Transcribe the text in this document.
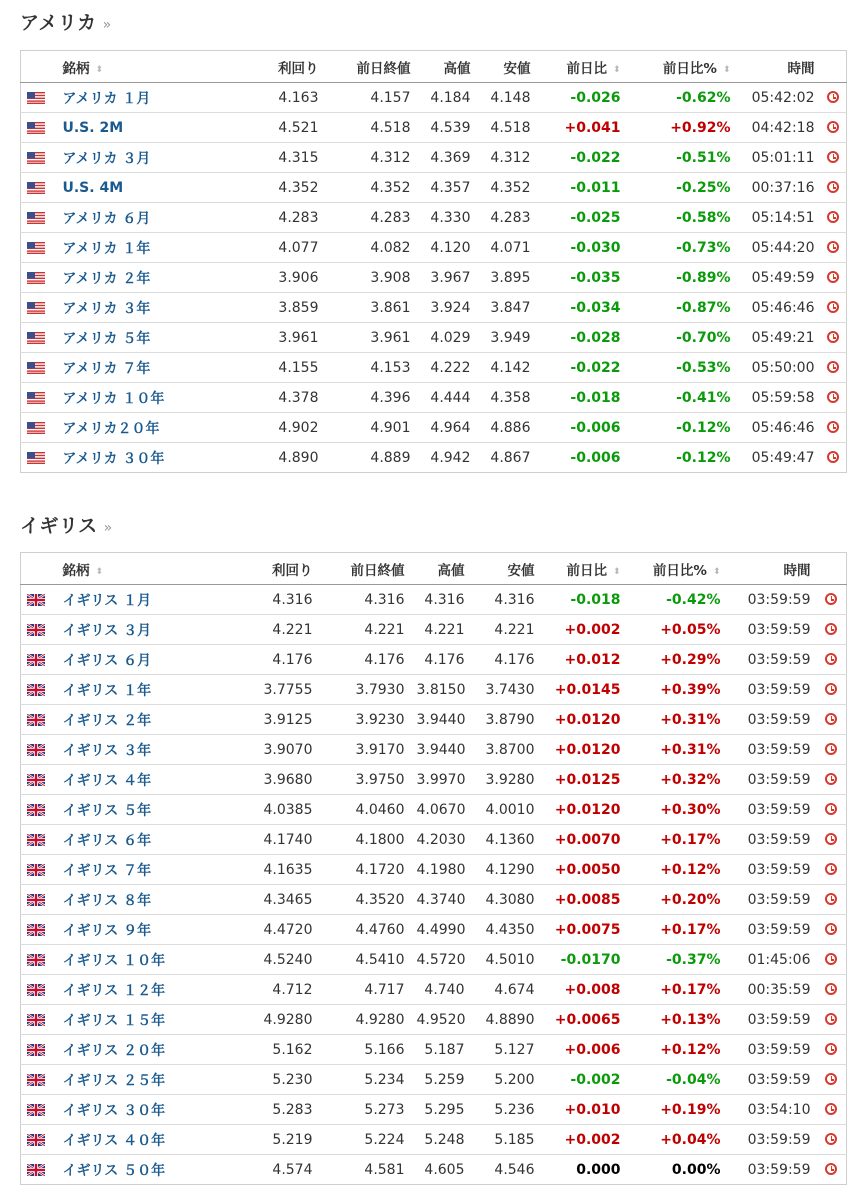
アメリカ »
	銘柄 ⬍	利回り	前日終値	高値	安値	前日比 ⬍	前日比% ⬍	時間	
	アメリカ １月	4.163	4.157	4.184	4.148	-0.026	-0.62%	05:42:02	
	U.S. 2M	4.521	4.518	4.539	4.518	+0.041	+0.92%	04:42:18	
	アメリカ ３月	4.315	4.312	4.369	4.312	-0.022	-0.51%	05:01:11	
	U.S. 4M	4.352	4.352	4.357	4.352	-0.011	-0.25%	00:37:16	
	アメリカ ６月	4.283	4.283	4.330	4.283	-0.025	-0.58%	05:14:51	
	アメリカ １年	4.077	4.082	4.120	4.071	-0.030	-0.73%	05:44:20	
	アメリカ ２年	3.906	3.908	3.967	3.895	-0.035	-0.89%	05:49:59	
	アメリカ ３年	3.859	3.861	3.924	3.847	-0.034	-0.87%	05:46:46	
	アメリカ ５年	3.961	3.961	4.029	3.949	-0.028	-0.70%	05:49:21	
	アメリカ ７年	4.155	4.153	4.222	4.142	-0.022	-0.53%	05:50:00	
	アメリカ １０年	4.378	4.396	4.444	4.358	-0.018	-0.41%	05:59:58	
	アメリカ２０年	4.902	4.901	4.964	4.886	-0.006	-0.12%	05:46:46	
	アメリカ ３０年	4.890	4.889	4.942	4.867	-0.006	-0.12%	05:49:47	
イギリス »
	銘柄 ⬍	利回り	前日終値	高値	安値	前日比 ⬍	前日比% ⬍	時間	
	イギリス １月	4.316	4.316	4.316	4.316	-0.018	-0.42%	03:59:59	
	イギリス ３月	4.221	4.221	4.221	4.221	+0.002	+0.05%	03:59:59	
	イギリス ６月	4.176	4.176	4.176	4.176	+0.012	+0.29%	03:59:59	
	イギリス １年	3.7755	3.7930	3.8150	3.7430	+0.0145	+0.39%	03:59:59	
	イギリス ２年	3.9125	3.9230	3.9440	3.8790	+0.0120	+0.31%	03:59:59	
	イギリス ３年	3.9070	3.9170	3.9440	3.8700	+0.0120	+0.31%	03:59:59	
	イギリス ４年	3.9680	3.9750	3.9970	3.9280	+0.0125	+0.32%	03:59:59	
	イギリス ５年	4.0385	4.0460	4.0670	4.0010	+0.0120	+0.30%	03:59:59	
	イギリス ６年	4.1740	4.1800	4.2030	4.1360	+0.0070	+0.17%	03:59:59	
	イギリス ７年	4.1635	4.1720	4.1980	4.1290	+0.0050	+0.12%	03:59:59	
	イギリス ８年	4.3465	4.3520	4.3740	4.3080	+0.0085	+0.20%	03:59:59	
	イギリス ９年	4.4720	4.4760	4.4990	4.4350	+0.0075	+0.17%	03:59:59	
	イギリス １０年	4.5240	4.5410	4.5720	4.5010	-0.0170	-0.37%	01:45:06	
	イギリス １２年	4.712	4.717	4.740	4.674	+0.008	+0.17%	00:35:59	
	イギリス １５年	4.9280	4.9280	4.9520	4.8890	+0.0065	+0.13%	03:59:59	
	イギリス ２０年	5.162	5.166	5.187	5.127	+0.006	+0.12%	03:59:59	
	イギリス ２５年	5.230	5.234	5.259	5.200	-0.002	-0.04%	03:59:59	
	イギリス ３０年	5.283	5.273	5.295	5.236	+0.010	+0.19%	03:54:10	
	イギリス ４０年	5.219	5.224	5.248	5.185	+0.002	+0.04%	03:59:59	
	イギリス ５０年	4.574	4.581	4.605	4.546	0.000	0.00%	03:59:59	
